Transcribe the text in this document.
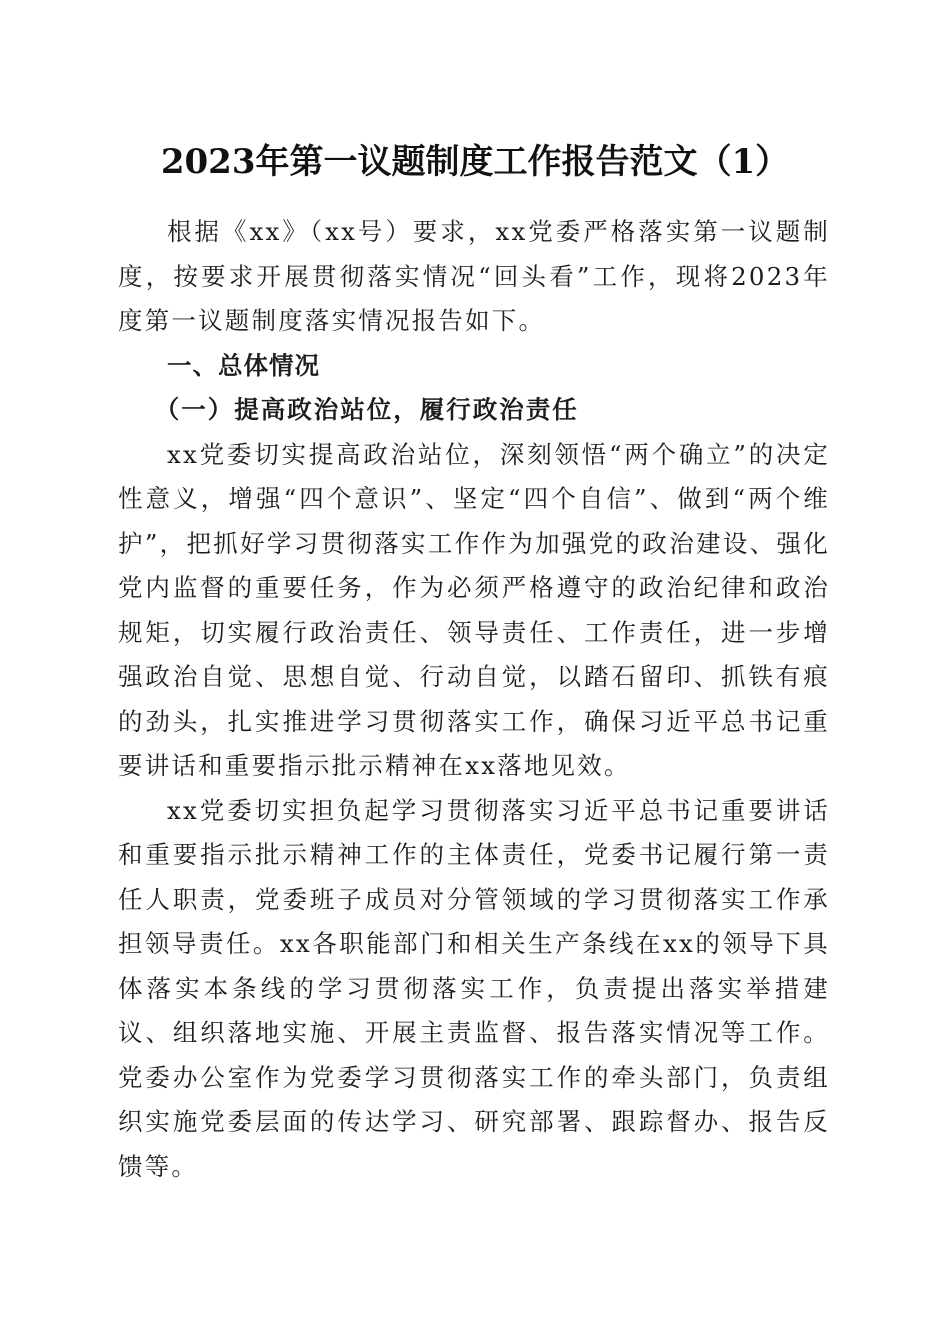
2023年第一议题制度工作报告范文（1）

根据《xx》（xx号）要求，xx党委严格落实第一议题制度，按要求开展贯彻落实情况“回头看”工作，现将2023年度第一议题制度落实情况报告如下。

一、总体情况

（一）提高政治站位，履行政治责任

xx党委切实提高政治站位，深刻领悟“两个确立”的决定性意义，增强“四个意识”、坚定“四个自信”、做到“两个维护”，把抓好学习贯彻落实工作作为加强党的政治建设、强化党内监督的重要任务，作为必须严格遵守的政治纪律和政治规矩，切实履行政治责任、领导责任、工作责任，进一步增强政治自觉、思想自觉、行动自觉，以踏石留印、抓铁有痕的劲头，扎实推进学习贯彻落实工作，确保习近平总书记重要讲话和重要指示批示精神在xx落地见效。

xx党委切实担负起学习贯彻落实习近平总书记重要讲话和重要指示批示精神工作的主体责任，党委书记履行第一责任人职责，党委班子成员对分管领域的学习贯彻落实工作承担领导责任。xx各职能部门和相关生产条线在xx的领导下具体落实本条线的学习贯彻落实工作，负责提出落实举措建议、组织落地实施、开展主责监督、报告落实情况等工作。党委办公室作为党委学习贯彻落实工作的牵头部门，负责组织实施党委层面的传达学习、研究部署、跟踪督办、报告反馈等。
